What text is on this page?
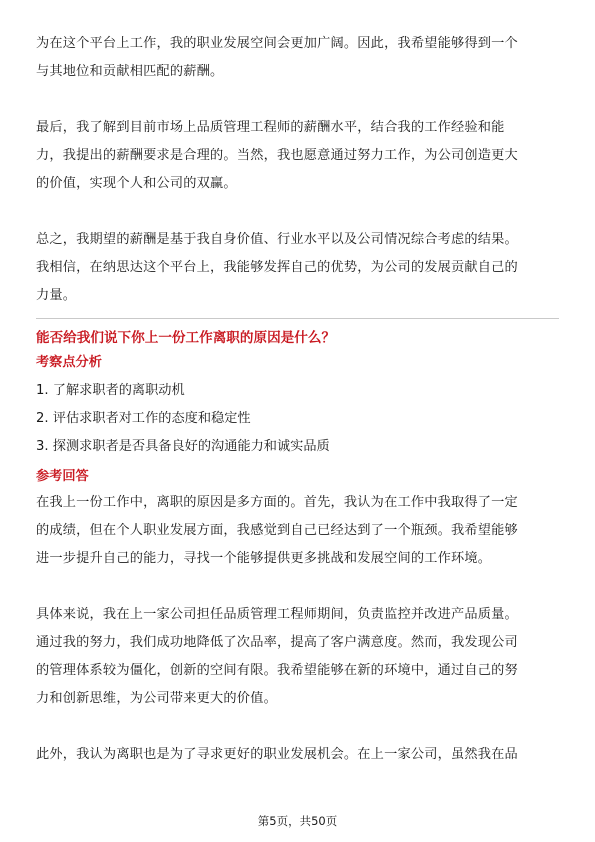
为在这个平台上工作，我的职业发展空间会更加广阔。因此，我希望能够得到一个
与其地位和贡献相匹配的薪酬。

最后，我了解到目前市场上品质管理工程师的薪酬水平，结合我的工作经验和能
力，我提出的薪酬要求是合理的。当然，我也愿意通过努力工作，为公司创造更大
的价值，实现个人和公司的双赢。

总之，我期望的薪酬是基于我自身价值、行业水平以及公司情况综合考虑的结果。
我相信，在纳思达这个平台上，我能够发挥自己的优势，为公司的发展贡献自己的
力量。

能否给我们说下你上一份工作离职的原因是什么？
考察点分析
1. 了解求职者的离职动机
2. 评估求职者对工作的态度和稳定性
3. 探测求职者是否具备良好的沟通能力和诚实品质
参考回答

在我上一份工作中，离职的原因是多方面的。首先，我认为在工作中我取得了一定
的成绩，但在个人职业发展方面，我感觉到自己已经达到了一个瓶颈。我希望能够
进一步提升自己的能力，寻找一个能够提供更多挑战和发展空间的工作环境。

具体来说，我在上一家公司担任品质管理工程师期间，负责监控并改进产品质量。
通过我的努力，我们成功地降低了次品率，提高了客户满意度。然而，我发现公司
的管理体系较为僵化，创新的空间有限。我希望能够在新的环境中，通过自己的努
力和创新思维，为公司带来更大的价值。

此外，我认为离职也是为了寻求更好的职业发展机会。在上一家公司，虽然我在品

第5页，共50页
